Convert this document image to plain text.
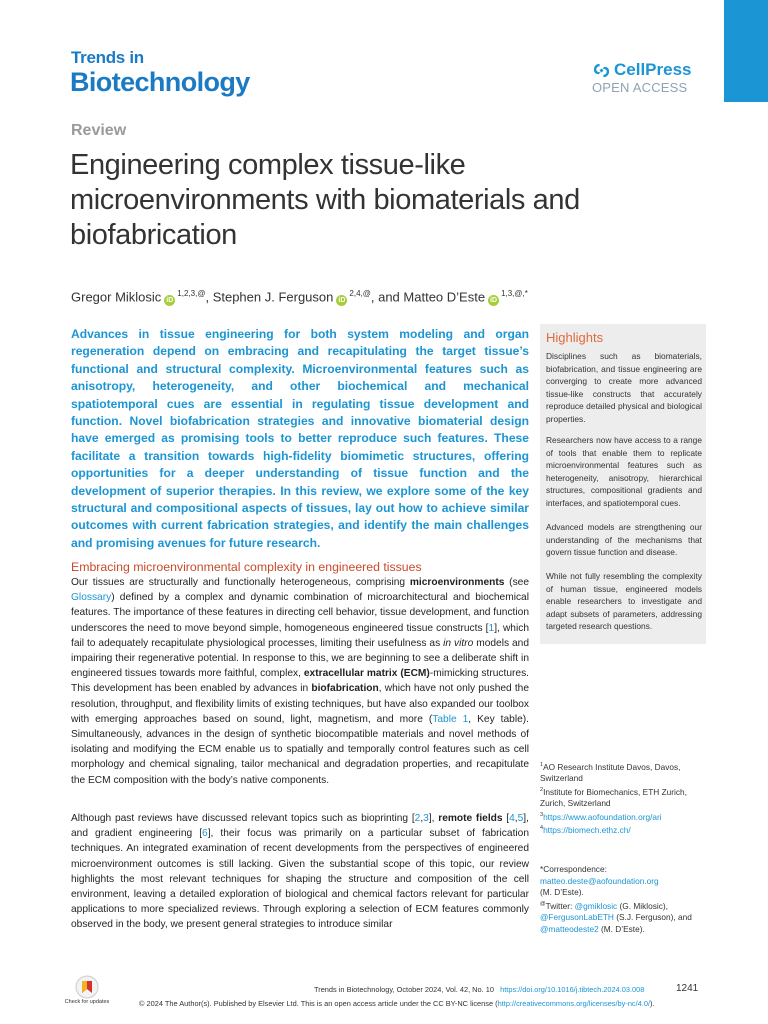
Trends in
Biotechnology	CellPress
OPEN ACCESS
Review
Engineering complex tissue-like microenvironments with biomaterials and biofabrication
Gregor Miklosic $iD^{1,2,3,@}$, Stephen J. Ferguson $iD^{2,4,@}$, and Matteo D’Este $iD^{1,3,@,*}$
Advances in tissue engineering for both system modeling and organ regeneration depend on embracing and recapitulating the target tissue’s functional and structural complexity. Microenvironmental features such as anisotropy, heterogeneity, and other biochemical and mechanical spatiotemporal cues are essential in regulating tissue development and function. Novel biofabrication strategies and innovative biomaterial design have emerged as promising tools to better reproduce such features. These facilitate a transition towards high-fidelity biomimetic structures, offering opportunities for a deeper understanding of tissue function and the development of superior therapies. In this review, we explore some of the key structural and compositional aspects of tissues, lay out how to achieve similar outcomes with current fabrication strategies, and identify the main challenges and promising avenues for future research.
Highlights

Disciplines such as biomaterials, biofabrication, and tissue engineering are converging to create more advanced tissue-like constructs that accurately reproduce detailed physical and biological properties.

Researchers now have access to a range of tools that enable them to replicate microenvironmental features such as heterogeneity, anisotropy, hierarchical structures, compositional gradients and interfaces, and spatiotemporal cues.

Advanced models are strengthening our understanding of the mechanisms that govern tissue function and disease.

While not fully resembling the complexity of human tissue, engineered models enable researchers to investigate and adapt subsets of parameters, addressing targeted research questions.

Embracing microenvironmental complexity in engineered tissues

Our tissues are structurally and functionally heterogeneous, comprising microenvironments (see Glossary) defined by a complex and dynamic combination of microarchitectural and biochemical features. The importance of these features in directing cell behavior, tissue development, and function underscores the need to move beyond simple, homogeneous engineered tissue constructs [1], which fail to adequately recapitulate physiological processes, limiting their usefulness as in vitro models and impairing their regenerative potential. In response to this, we are beginning to see a deliberate shift in engineered tissues towards more faithful, complex, extracellular matrix (ECM)-mimicking structures. This development has been enabled by advances in biofabrication, which have not only pushed the resolution, throughput, and flexibility limits of existing techniques, but have also expanded our toolbox with emerging approaches based on sound, light, magnetism, and more (Table 1, Key table). Simultaneously, advances in the design of synthetic biocompatible materials and novel methods of isolating and modifying the ECM enable us to spatially and temporally control features such as cell morphology and chemical signaling, tailor mechanical and degradation properties, and recapitulate the ECM composition with the body’s native components.

Although past reviews have discussed relevant topics such as bioprinting [2,3], remote fields [4,5], and gradient engineering [6], their focus was primarily on a particular subset of fabrication techniques. An integrated examination of recent developments from the perspectives of engineered microenvironment outcomes is still lacking. Given the substantial scope of this topic, our review highlights the most relevant techniques for shaping the structure and composition of the cell environment, leaving a detailed exploration of biological and chemical factors relevant for particular applications to more specialized reviews. Through exploring a selection of ECM features commonly observed in the body, we present general strategies to introduce similar

$^1$AO Research Institute Davos, Davos, Switzerland
$^2$Institute for Biomechanics, ETH Zurich, Zurich, Switzerland
$^3$https://www.aofoundation.org/ari
$^4$https://biomech.ethz.ch/

*Correspondence:
matteo.deste@aofoundation.org
(M. D’Este).
@Twitter: @gmiklosic (G. Miklosic),
@FergusonLabETH (S.J. Ferguson), and
@matteodeste2 (M. D’Este).

Check for updates
Trends in Biotechnology, October 2024, Vol. 42, No. 10 https://doi.org/10.1016/j.tibtech.2024.03.008	1241
© 2024 The Author(s). Published by Elsevier Ltd. This is an open access article under the CC BY-NC license (http://creativecommons.org/licenses/by-nc/4.0/).
